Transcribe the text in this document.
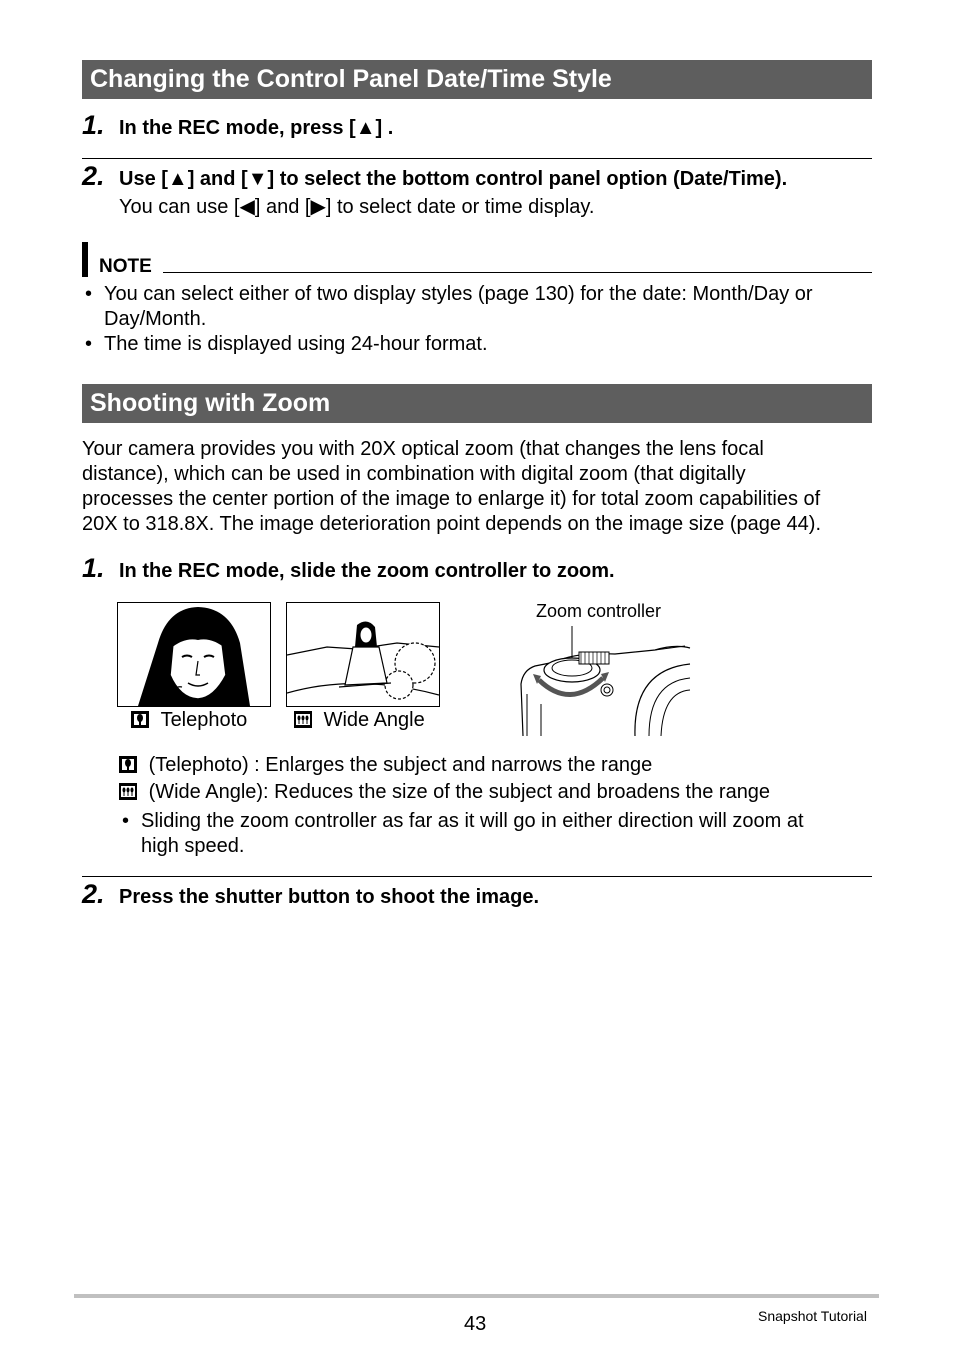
Changing the Control Panel Date/Time Style
1. In the REC mode, press [▲] .
2. Use [▲] and [▼] to select the bottom control panel option (Date/Time).
You can use [◀] and [▶] to select date or time display.
NOTE
• You can select either of two display styles (page 130) for the date: Month/Day or
Day/Month.
• The time is displayed using 24-hour format.
Shooting with Zoom
Your camera provides you with 20X optical zoom (that changes the lens focal
distance), which can be used in combination with digital zoom (that digitally
processes the center portion of the image to enlarge it) for total zoom capabilities of
20X to 318.8X. The image deterioration point depends on the image size (page 44).
1. In the REC mode, slide the zoom controller to zoom.
Telephoto	Wide Angle
Zoom controller
(Telephoto) : Enlarges the subject and narrows the range
(Wide Angle): Reduces the size of the subject and broadens the range
• Sliding the zoom controller as far as it will go in either direction will zoom at
high speed.
2. Press the shutter button to shoot the image.
43	Snapshot Tutorial
